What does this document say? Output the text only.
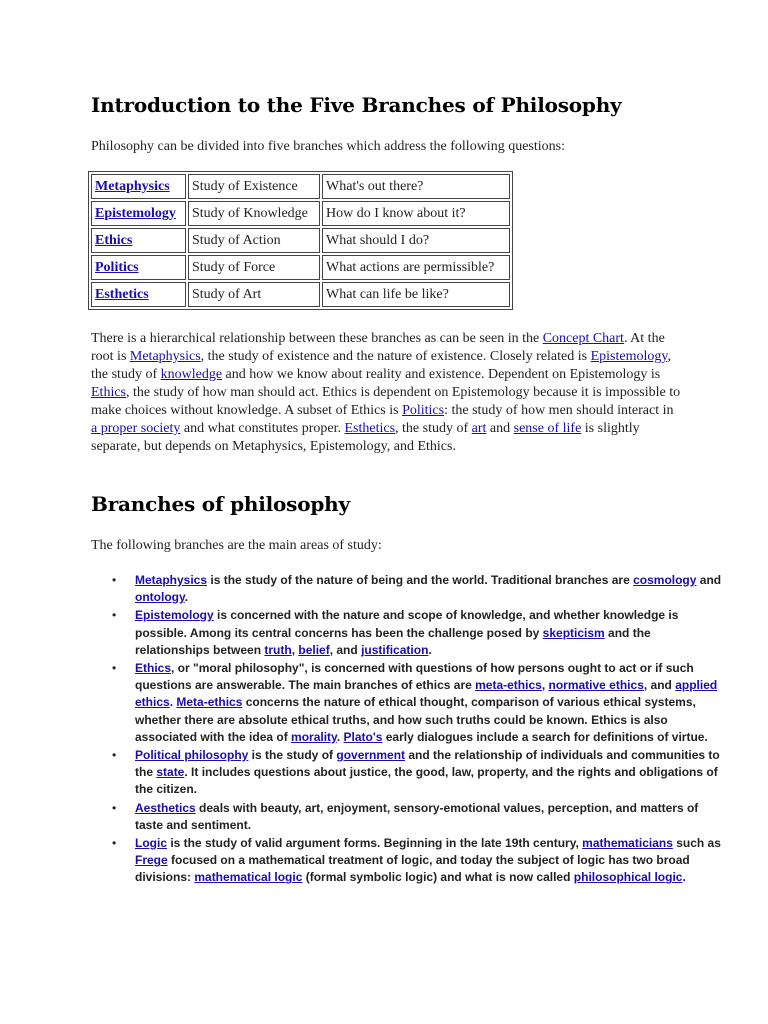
Introduction to the Five Branches of Philosophy

Philosophy can be divided into five branches which address the following questions:

Metaphysics	Study of Existence	What's out there?
Epistemology	Study of Knowledge	How do I know about it?
Ethics	Study of Action	What should I do?
Politics	Study of Force	What actions are permissible?
Esthetics	Study of Art	What can life be like?

There is a hierarchical relationship between these branches as can be seen in the Concept Chart. At the root is Metaphysics, the study of existence and the nature of existence. Closely related is Epistemology, the study of knowledge and how we know about reality and existence. Dependent on Epistemology is Ethics, the study of how man should act. Ethics is dependent on Epistemology because it is impossible to make choices without knowledge. A subset of Ethics is Politics: the study of how men should interact in a proper society and what constitutes proper. Esthetics, the study of art and sense of life is slightly separate, but depends on Metaphysics, Epistemology, and Ethics.

Branches of philosophy

The following branches are the main areas of study:

• Metaphysics is the study of the nature of being and the world. Traditional branches are cosmology and ontology.
• Epistemology is concerned with the nature and scope of knowledge, and whether knowledge is possible. Among its central concerns has been the challenge posed by skepticism and the relationships between truth, belief, and justification.
• Ethics, or "moral philosophy", is concerned with questions of how persons ought to act or if such questions are answerable. The main branches of ethics are meta-ethics, normative ethics, and applied ethics. Meta-ethics concerns the nature of ethical thought, comparison of various ethical systems, whether there are absolute ethical truths, and how such truths could be known. Ethics is also associated with the idea of morality. Plato's early dialogues include a search for definitions of virtue.
• Political philosophy is the study of government and the relationship of individuals and communities to the state. It includes questions about justice, the good, law, property, and the rights and obligations of the citizen.
• Aesthetics deals with beauty, art, enjoyment, sensory-emotional values, perception, and matters of taste and sentiment.
• Logic is the study of valid argument forms. Beginning in the late 19th century, mathematicians such as Frege focused on a mathematical treatment of logic, and today the subject of logic has two broad divisions: mathematical logic (formal symbolic logic) and what is now called philosophical logic.
